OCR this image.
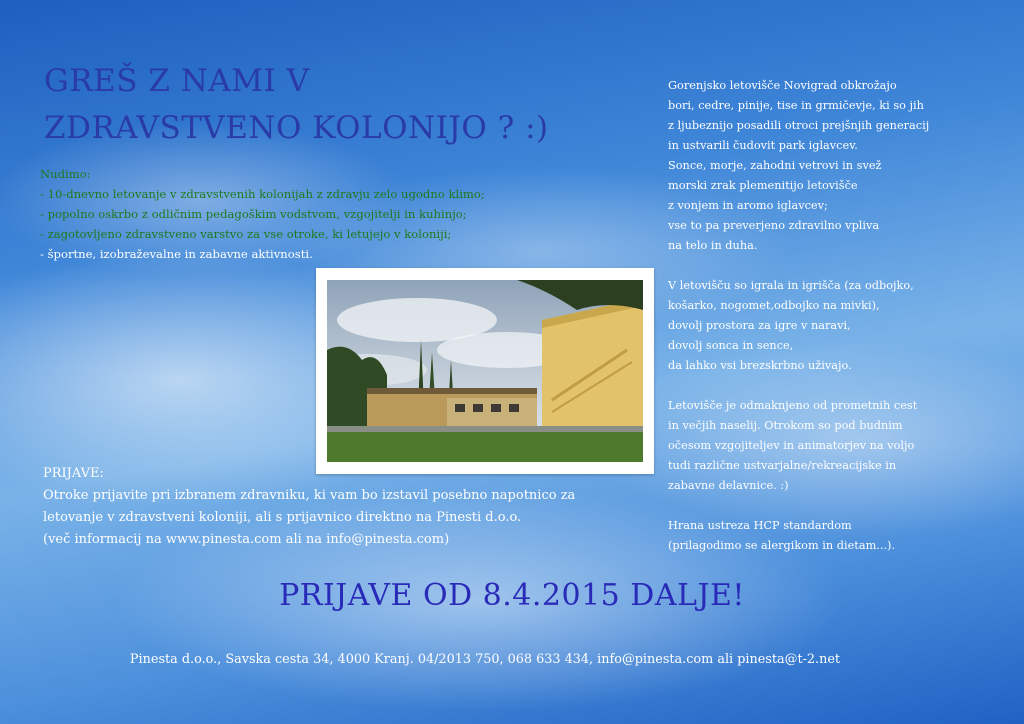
GREŠ Z NAMI V
ZDRAVSTVENO KOLONIJO ? :)
Nudimo:
- 10-dnevno letovanje v zdravstvenih kolonijah z zdravju zelo ugodno klimo;
- popolno oskrbo z odličnim pedagoškim vodstvom, vzgojitelji in kuhinjo;
- zagotovljeno zdravstveno varstvo za vse otroke, ki letujejo v koloniji;
- športne, izobraževalne in zabavne aktivnosti.

Gorenjsko letovišče Novigrad obkrožajo
bori, cedre, pinije, tise in grmičevje, ki so jih
z ljubeznijo posadili otroci prejšnjih generacij
in ustvarili čudovit park iglavcev.
Sonce, morje, zahodni vetrovi in svež
morski zrak plemenitijo letovišče
z vonjem in aromo iglavcev;
vse to pa preverjeno zdravilno vpliva
na telo in duha.

V letovišču so igrala in igrišča (za odbojko,
košarko, nogomet,odbojko na mivki),
dovolj prostora za igre v naravi,
dovolj sonca in sence,
da lahko vsi brezskrbno uživajo.

Letovišče je odmaknjeno od prometnih cest
in večjih naselij. Otrokom so pod budnim
očesom vzgojiteljev in animatorjev na voljo
tudi različne ustvarjalne/rekreacijske in
zabavne delavnice. :)

Hrana ustreza HCP standardom
(prilagodimo se alergikom in dietam...).

PRIJAVE:
Otroke prijavite pri izbranem zdravniku, ki vam bo izstavil posebno napotnico za
letovanje v zdravstveni koloniji, ali s prijavnico direktno na Pinesti d.o.o.
(več informacij na www.pinesta.com ali na info@pinesta.com)
PRIJAVE OD 8.4.2015 DALJE!
Pinesta d.o.o., Savska cesta 34, 4000 Kranj. 04/2013 750, 068 633 434, info@pinesta.com ali pinesta@t-2.net
